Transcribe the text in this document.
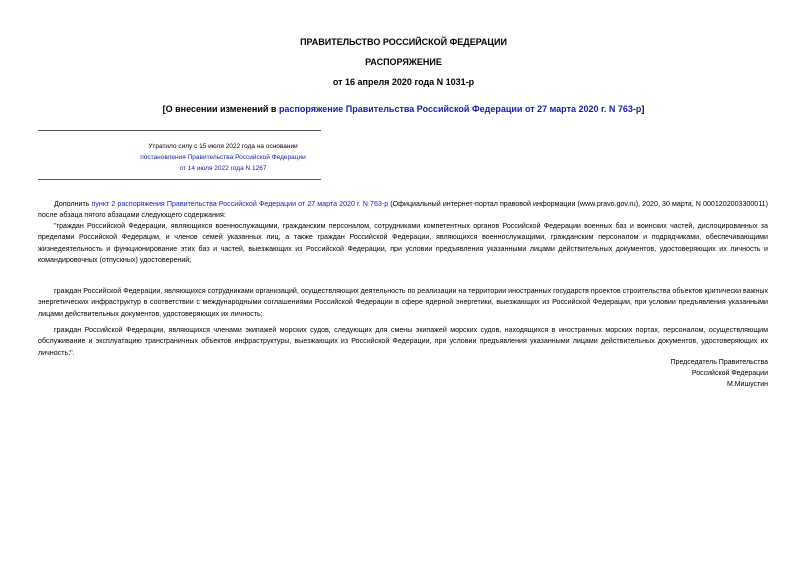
ПРАВИТЕЛЬСТВО РОССИЙСКОЙ ФЕДЕРАЦИИ
РАСПОРЯЖЕНИЕ
от 16 апреля 2020 года N 1031-р
[О внесении изменений в распоряжение Правительства Российской Федерации от 27 марта 2020 г. N 763-р]
Утратило силу с 15 июля 2022 года на основании
постановления Правительства Российской Федерации
от 14 июля 2022 года N 1267

Дополнить пункт 2 распоряжения Правительства Российской Федерации от 27 марта 2020 г. N 763-р (Официальный интернет-портал правовой информации (www.pravo.gov.ru), 2020, 30 марта, N 0001202003300011) после абзаца пятого абзацами следующего содержания:

"граждан Российской Федерации, являющихся военнослужащими, гражданским персоналом, сотрудниками компетентных органов Российской Федерации военных баз и воинских частей, дислоцированных за пределами Российской Федерации, и членов семей указанных лиц, а также граждан Российской Федерации, являющихся военнослужащими, гражданским персоналом и подрядчиками, обеспечивающими жизнедеятельность и функционирование этих баз и частей, выезжающих из Российской Федерации, при условии предъявления указанными лицами действительных документов, удостоверяющих их личность и командировочных (отпускных) удостоверений;

граждан Российской Федерации, являющихся сотрудниками организаций, осуществляющих деятельность по реализации на территории иностранных государств проектов строительства объектов критически важных энергетических инфраструктур в соответствии с международными соглашениями Российской Федерации в сфере ядерной энергетики, выезжающих из Российской Федерации, при условии предъявления указанными лицами действительных документов, удостоверяющих их личность;

граждан Российской Федерации, являющихся членами экипажей морских судов, следующих для смены экипажей морских судов, находящихся в иностранных морских портах, персоналом, осуществляющим обслуживание и эксплуатацию трансграничных объектов инфраструктуры, выезжающих из Российской Федерации, при условии предъявления указанными лицами действительных документов, удостоверяющих их личность;".

Председатель Правительства
Российской Федерации
М.Мишустин
